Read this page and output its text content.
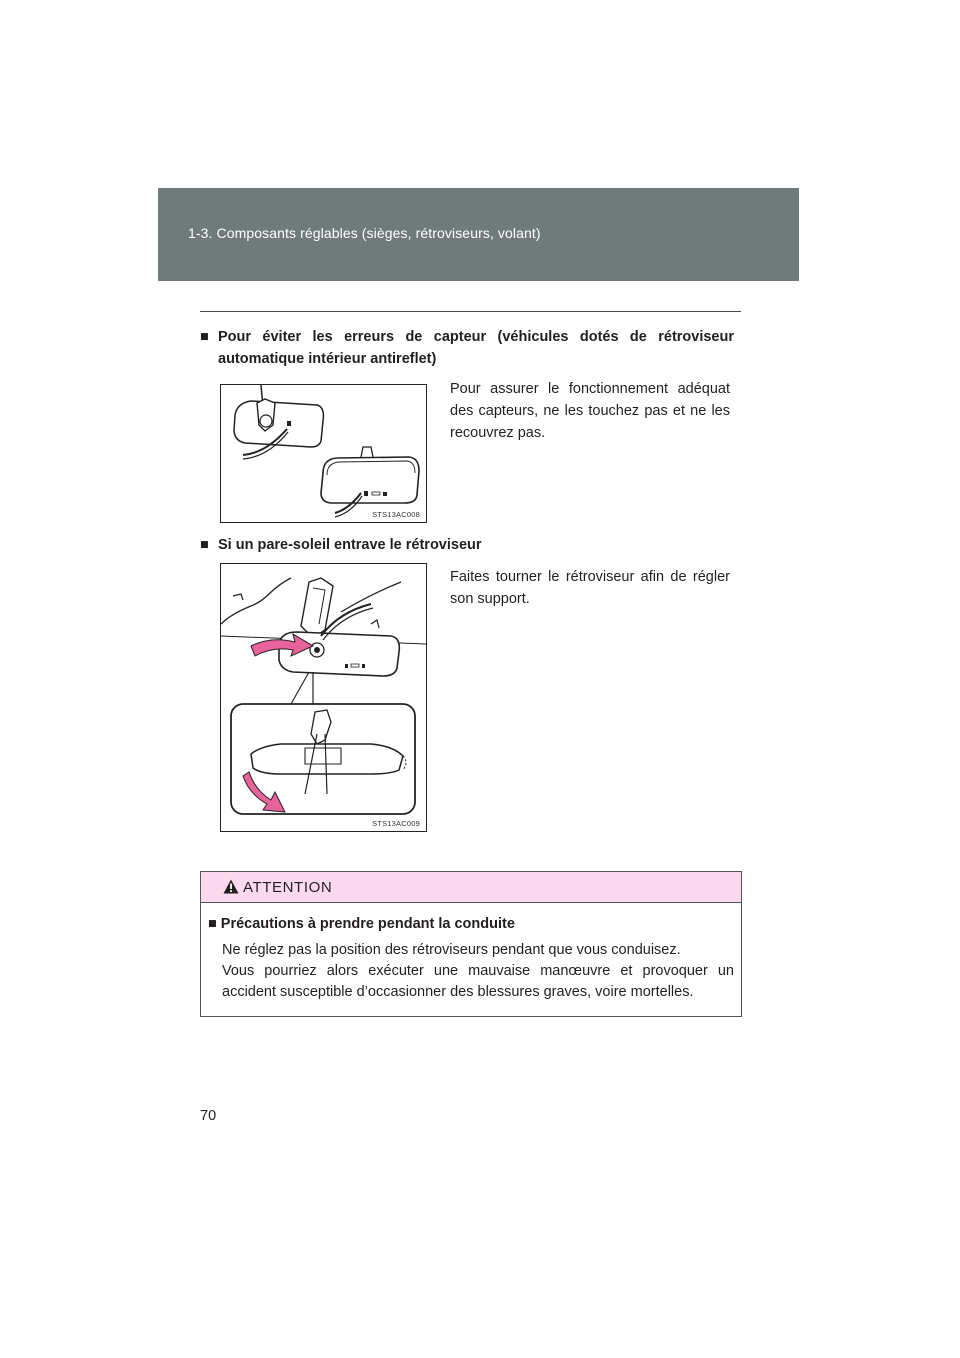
1-3. Composants réglables (sièges, rétroviseurs, volant)
■ Pour éviter les erreurs de capteur (véhicules dotés de rétroviseur automatique intérieur antireflet)
STS13AC008
Pour assurer le fonctionnement adéquat des capteurs, ne les touchez pas et ne les recouvrez pas.
■ Si un pare-soleil entrave le rétroviseur
STS13AC009
Faites tourner le rétroviseur afin de régler son support.
ATTENTION
■ Précautions à prendre pendant la conduite
Ne réglez pas la position des rétroviseurs pendant que vous conduisez.
Vous pourriez alors exécuter une mauvaise manœuvre et provoquer un accident susceptible d’occasionner des blessures graves, voire mortelles.
70
